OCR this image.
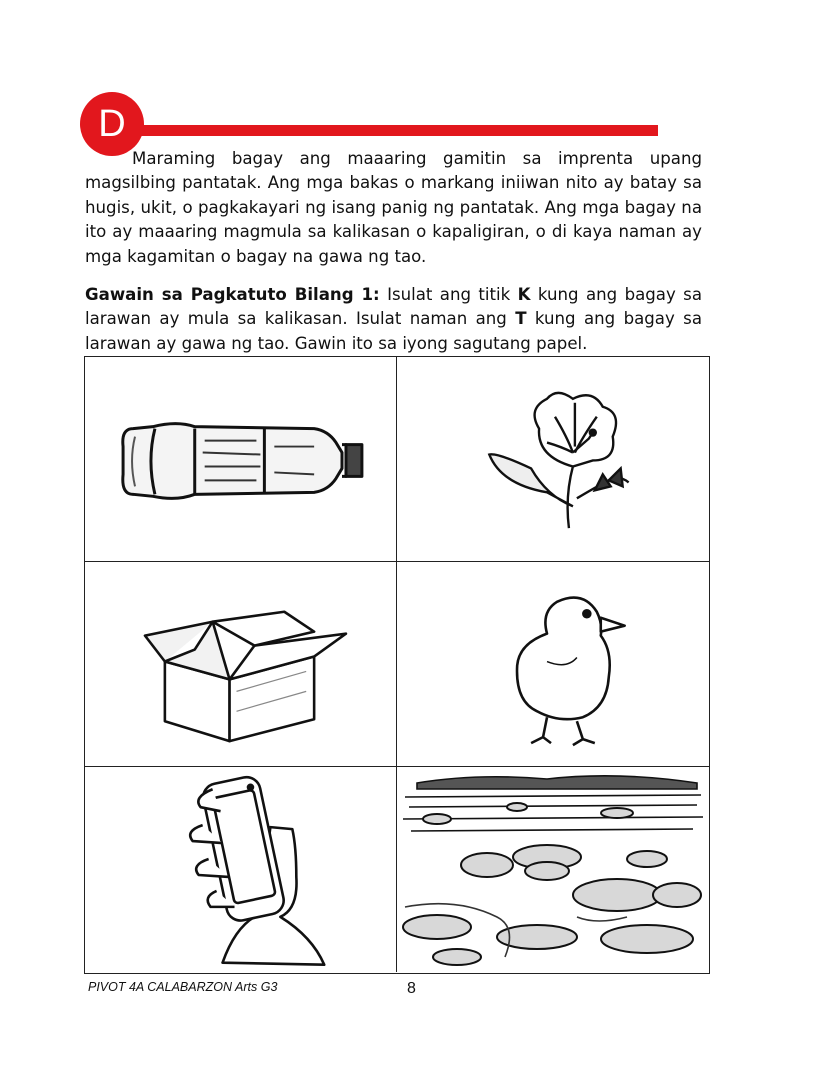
D

Maraming bagay ang maaaring gamitin sa imprenta upang magsilbing pantatak. Ang mga bakas o markang iniiwan nito ay batay sa hugis, ukit, o pagkakayari ng isang panig ng pantatak. Ang mga bagay na ito ay maaaring magmula sa kalikasan o kapaligiran, o di kaya naman ay mga kagamitan o bagay na gawa ng tao.

Gawain sa Pagkatuto Bilang 1: Isulat ang titik K kung ang bagay sa larawan ay mula sa kalikasan. Isulat naman ang T kung ang bagay sa larawan ay gawa ng tao. Gawin ito sa iyong sagutang papel.

PIVOT 4A CALABARZON Arts G3	8
